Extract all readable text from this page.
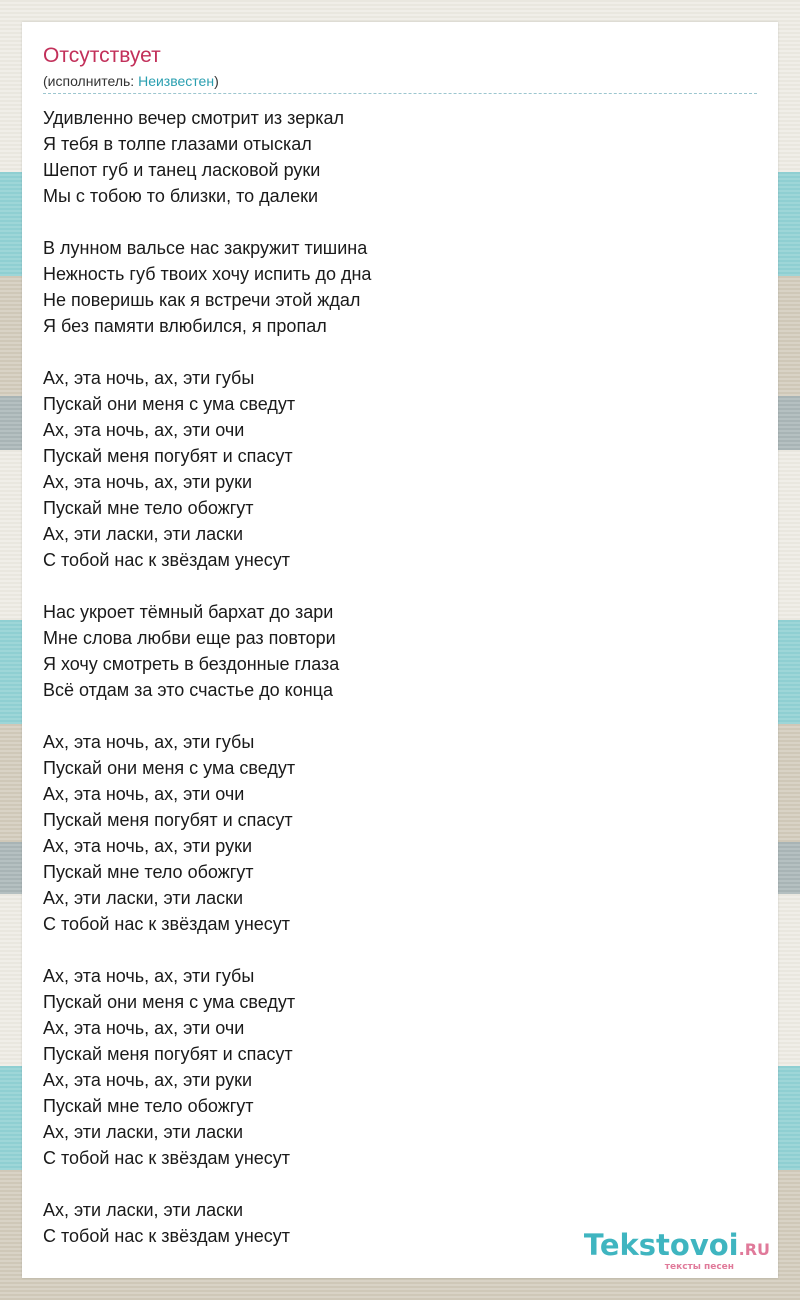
Отсутствует
(исполнитель: Неизвестен)
Удивленно вечер смотрит из зеркал
Я тебя в толпе глазами отыскал
Шепот губ и танец ласковой руки
Мы с тобою то близки, то далеки
В лунном вальсе нас закружит тишина
Нежность губ твоих хочу испить до дна
Не поверишь как я встречи этой ждал
Я без памяти влюбился, я пропал
Ах, эта ночь, ах, эти губы
Пускай они меня с ума сведут
Ах, эта ночь, ах, эти очи
Пускай меня погубят и спасут
Ах, эта ночь, ах, эти руки
Пускай мне тело обожгут
Ах, эти ласки, эти ласки
С тобой нас к звёздам унесут
Нас укроет тёмный бархат до зари
Мне слова любви еще раз повтори
Я хочу смотреть в бездонные глаза
Всё отдам за это счастье до конца
Ах, эта ночь, ах, эти губы
Пускай они меня с ума сведут
Ах, эта ночь, ах, эти очи
Пускай меня погубят и спасут
Ах, эта ночь, ах, эти руки
Пускай мне тело обожгут
Ах, эти ласки, эти ласки
С тобой нас к звёздам унесут
Ах, эта ночь, ах, эти губы
Пускай они меня с ума сведут
Ах, эта ночь, ах, эти очи
Пускай меня погубят и спасут
Ах, эта ночь, ах, эти руки
Пускай мне тело обожгут
Ах, эти ласки, эти ласки
С тобой нас к звёздам унесут
Ах, эти ласки, эти ласки
С тобой нас к звёздам унесут	Tekstovoi.RU
тексты песен
